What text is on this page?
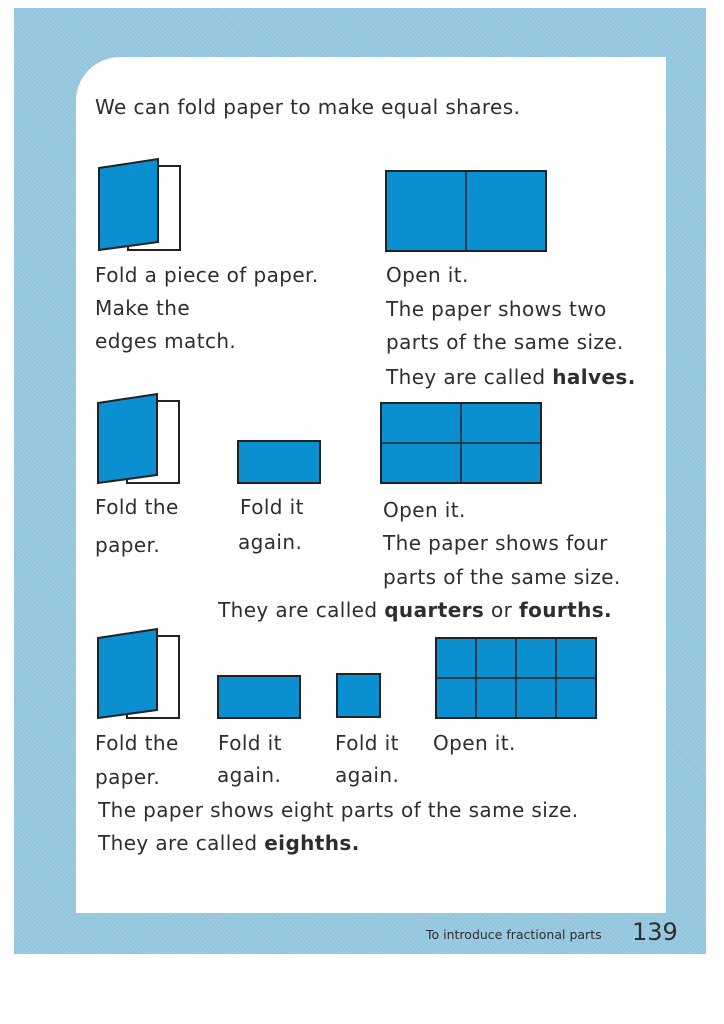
We can fold paper to make equal shares.
Fold a piece of paper.
Make the
edges match.
Open it.
The paper shows two
parts of the same size.
They are called halves.
Fold the
paper.
Fold it
again.
Open it.
The paper shows four
parts of the same size.
They are called quarters or fourths.
Fold the
paper.
Fold it
again.
Fold it
again.
Open it.
The paper shows eight parts of the same size.
They are called eighths.
To introduce fractional parts 139
